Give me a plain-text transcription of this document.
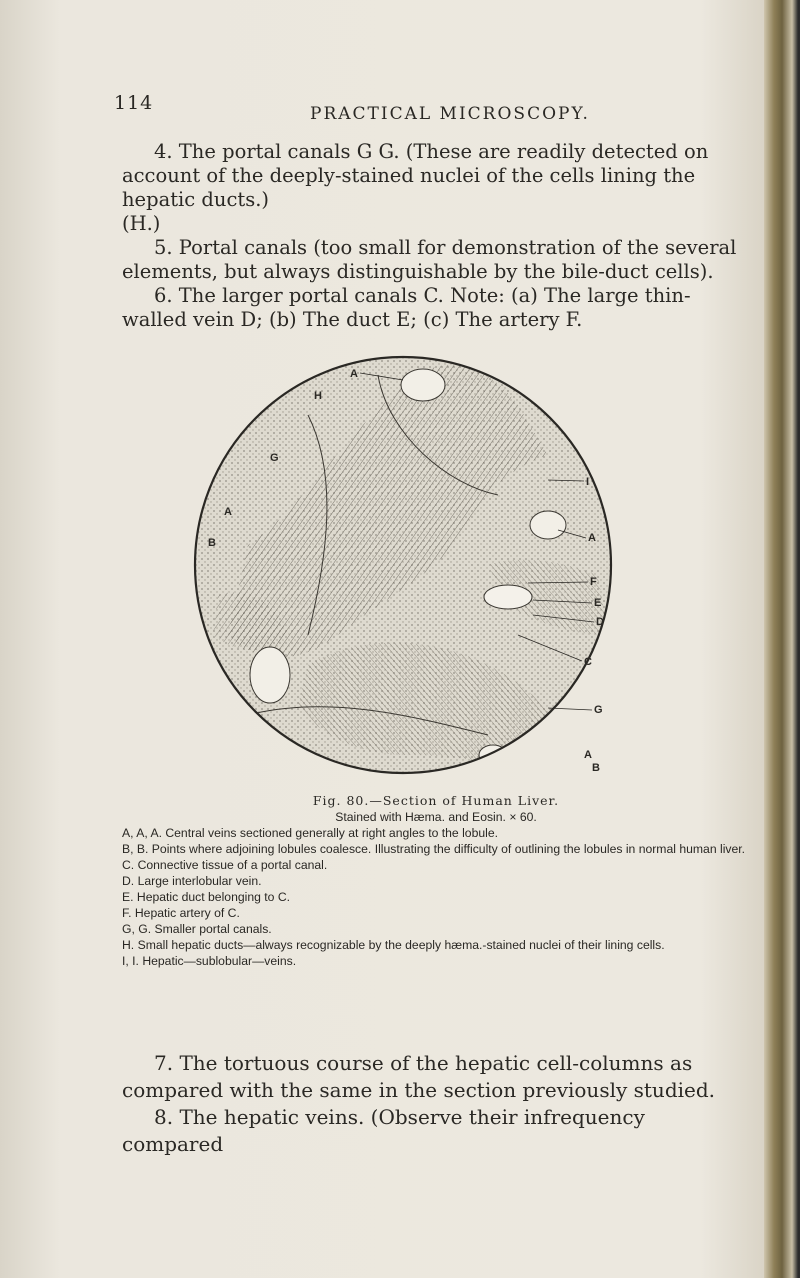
114	PRACTICAL MICROSCOPY.

4. The portal canals G G. (These are readily detected on account of the deeply-stained nuclei of the cells lining the hepatic ducts.)

(H.)

5. Portal canals (too small for demonstration of the several elements, but always distinguishable by the bile-duct cells).

6. The larger portal canals C. Note: (a) The large thin-walled vein D; (b) The duct E; (c) The artery F.

A
H
G
A
B
I
A
F
E
D
C
G
A
B
Fig. 80.—Section of Human Liver.
Stained with Hæma. and Eosin. × 60.

A, A, A. Central veins sectioned generally at right angles to the lobule.

B, B. Points where adjoining lobules coalesce. Illustrating the difficulty of outlining the lobules in normal human liver.

C. Connective tissue of a portal canal.

D. Large interlobular vein.

E. Hepatic duct belonging to C.

F. Hepatic artery of C.

G, G. Smaller portal canals.

H. Small hepatic ducts—always recognizable by the deeply hæma.-stained nuclei of their lining cells.

I, I. Hepatic—sublobular—veins.

7. The tortuous course of the hepatic cell-columns as compared with the same in the section previously studied.

8. The hepatic veins. (Observe their infrequency compared
